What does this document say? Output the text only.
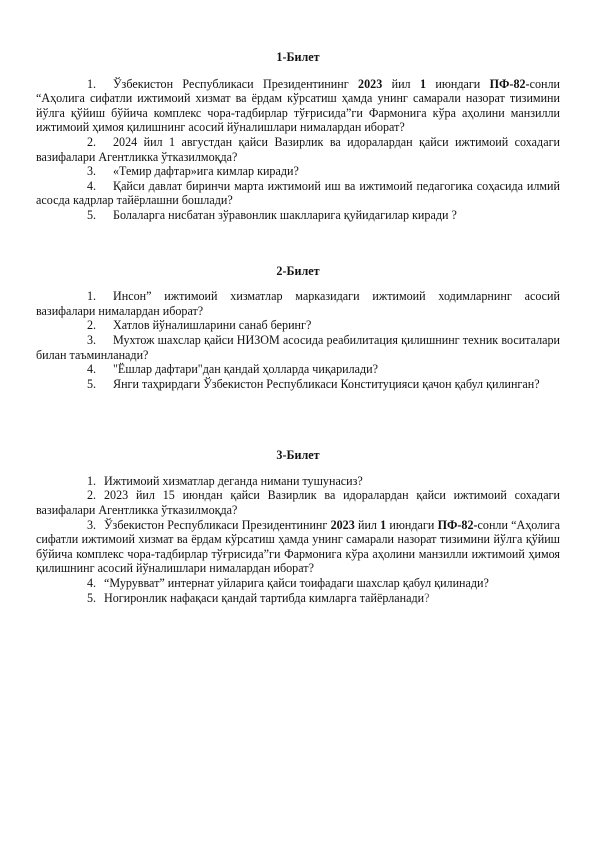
1-Билет

1. Ўзбекистон Республикаси Президентининг 2023 йил 1 июндаги ПФ-82-сонли “Аҳолига сифатли ижтимоий хизмат ва ёрдам кўрсатиш ҳамда унинг самарали назорат тизимини йўлга қўйиш бўйича комплекс чора-тадбирлар тўғрисида”ги Фармонига кўра аҳолини манзилли ижтимоий ҳимоя қилишнинг асосий йўналишлари нималардан иборат?

2. 2024 йил 1 августдан қайси Вазирлик ва идоралардан қайси ижтимоий сохадаги вазифалари Агентликка ўтказилмоқда?

3. «Темир дафтар»ига кимлар киради?

4. Қайси давлат биринчи марта ижтимоий иш ва ижтимоий педагогика соҳасида илмий асосда кадрлар тайёрлашни бошлади?

5. Болаларга нисбатан зўравонлик шаклларига қуйидагилар киради ?

2-Билет

1. Инсон” ижтимоий хизматлар марказидаги ижтимоий ходимларнинг асосий вазифалари нималардан иборат?

2. Хатлов йўналишларини санаб беринг?

3. Мухтож шахслар қайси НИЗОМ асосида реабилитация қилишнинг техник воситалари билан таъминланади?

4. "Ёшлар дафтари"дан қандай ҳолларда чиқарилади?

5. Янги таҳрирдаги Ўзбекистон Республикаси Конституцияси қачон қабул қилинган?

3-Билет

1. Ижтимоий хизматлар деганда нимани тушунасиз?

2. 2023 йил 15 июндан қайси Вазирлик ва идоралардан қайси ижтимоий сохадаги вазифалари Агентликка ўтказилмоқда?

3. Ўзбекистон Республикаси Президентининг 2023 йил 1 июндаги ПФ-82-сонли “Аҳолига сифатли ижтимоий хизмат ва ёрдам кўрсатиш ҳамда унинг самарали назорат тизимини йўлга қўйиш бўйича комплекс чора-тадбирлар тўғрисида”ги Фармонига кўра аҳолини манзилли ижтимоий ҳимоя қилишнинг асосий йўналишлари нималардан иборат?

4. “Мурувват” интернат уйларига қайси тоифадаги шахслар қабул қилинади?

5. Ногиронлик нафақаси қандай тартибда кимларга тайёрланади?
